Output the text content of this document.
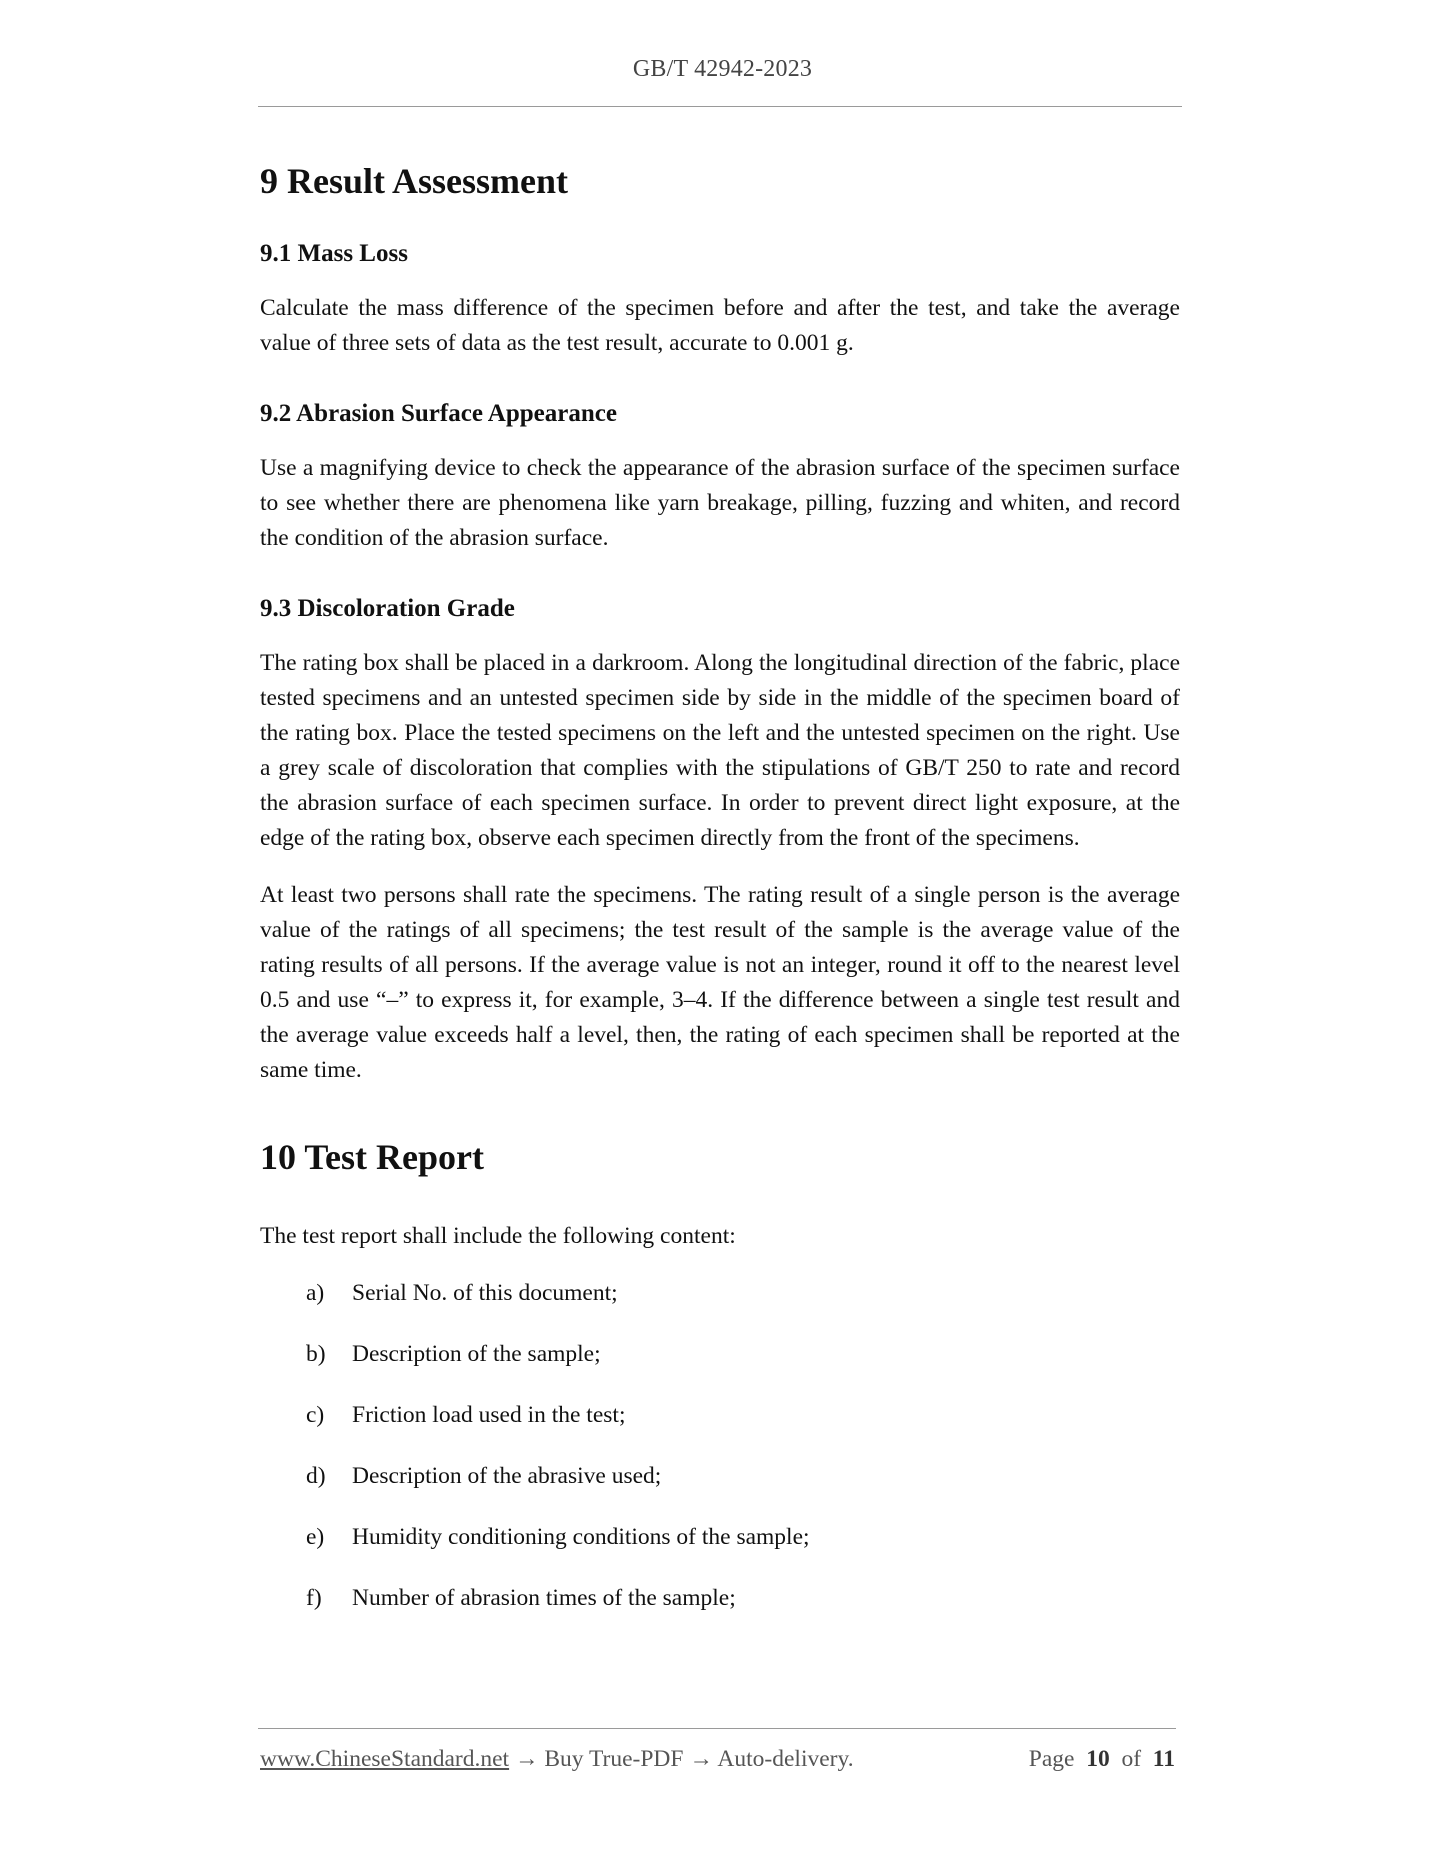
GB/T 42942-2023
9 Result Assessment
9.1 Mass Loss

Calculate the mass difference of the specimen before and after the test, and take the average value of three sets of data as the test result, accurate to 0.001 g.

9.2 Abrasion Surface Appearance

Use a magnifying device to check the appearance of the abrasion surface of the specimen surface to see whether there are phenomena like yarn breakage, pilling, fuzzing and whiten, and record the condition of the abrasion surface.

9.3 Discoloration Grade

The rating box shall be placed in a darkroom. Along the longitudinal direction of the fabric, place tested specimens and an untested specimen side by side in the middle of the specimen board of the rating box. Place the tested specimens on the left and the untested specimen on the right. Use a grey scale of discoloration that complies with the stipulations of GB/T 250 to rate and record the abrasion surface of each specimen surface. In order to prevent direct light exposure, at the edge of the rating box, observe each specimen directly from the front of the specimens.

At least two persons shall rate the specimens. The rating result of a single person is the average value of the ratings of all specimens; the test result of the sample is the average value of the rating results of all persons. If the average value is not an integer, round it off to the nearest level 0.5 and use “–” to express it, for example, 3–4. If the difference between a single test result and the average value exceeds half a level, then, the rating of each specimen shall be reported at the same time.

10 Test Report

The test report shall include the following content:

a)	Serial No. of this document;
b)	Description of the sample;
c)	Friction load used in the test;
d)	Description of the abrasive used;
e)	Humidity conditioning conditions of the sample;
f)	Number of abrasion times of the sample;
www.ChineseStandard.net → Buy True-PDF → Auto-delivery.	Page 10 of 11
